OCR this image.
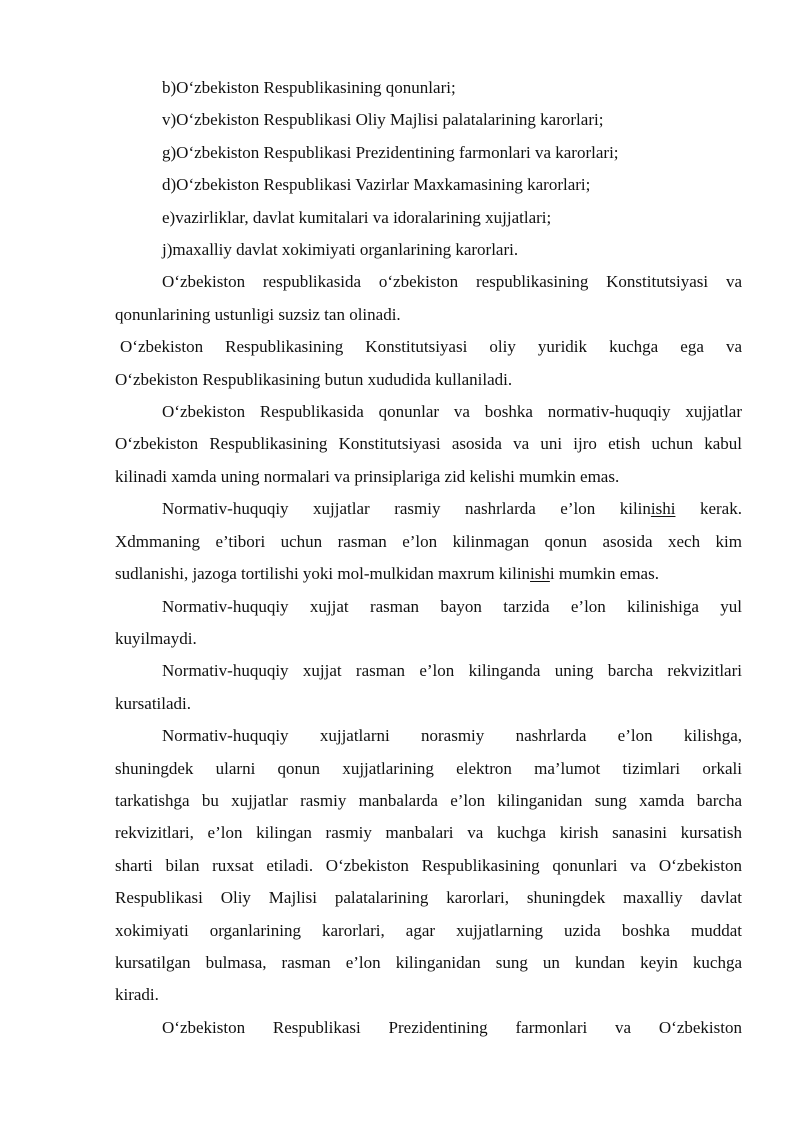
b)O‘zbekiston Respublikasining qonunlari;
v)O‘zbekiston Respublikasi Oliy Majlisi palatalarining karorlari;
g)O‘zbekiston Respublikasi Prezidentining farmonlari va karorlari;
d)O‘zbekiston Respublikasi Vazirlar Maxkamasining karorlari;
e)vazirliklar, davlat kumitalari va idoralarining xujjatlari;
j)maxalliy davlat xokimiyati organlarining karorlari.
O‘zbekiston respublikasida o‘zbekiston respublikasining Konstitutsiyasi va
qonunlarining ustunligi suzsiz tan olinadi.
O‘zbekiston Respublikasining Konstitutsiyasi oliy yuridik kuchga ega va
O‘zbekiston Respublikasining butun xududida kullaniladi.
O‘zbekiston Respublikasida qonunlar va boshka normativ-huquqiy xujjatlar
O‘zbekiston Respublikasining Konstitutsiyasi asosida va uni ijro etish uchun kabul
kilinadi xamda uning normalari va prinsiplariga zid kelishi mumkin emas.
Normativ-huquqiy xujjatlar rasmiy nashrlarda e’lon kilinishi kerak.
Xdmmaning e’tibori uchun rasman e’lon kilinmagan qonun asosida xech kim
sudlanishi, jazoga tortilishi yoki mol-mulkidan maxrum kilinishi mumkin emas.
Normativ-huquqiy xujjat rasman bayon tarzida e’lon kilinishiga yul
kuyilmaydi.
Normativ-huquqiy xujjat rasman e’lon kilinganda uning barcha rekvizitlari
kursatiladi.
Normativ-huquqiy xujjatlarni norasmiy nashrlarda e’lon kilishga,
shuningdek ularni qonun xujjatlarining elektron ma’lumot tizimlari orkali
tarkatishga bu xujjatlar rasmiy manbalarda e’lon kilinganidan sung xamda barcha
rekvizitlari, e’lon kilingan rasmiy manbalari va kuchga kirish sanasini kursatish
sharti bilan ruxsat etiladi. O‘zbekiston Respublikasining qonunlari va O‘zbekiston
Respublikasi Oliy Majlisi palatalarining karorlari, shuningdek maxalliy davlat
xokimiyati organlarining karorlari, agar xujjatlarning uzida boshka muddat
kursatilgan bulmasa, rasman e’lon kilinganidan sung un kundan keyin kuchga
kiradi.
O‘zbekiston Respublikasi Prezidentining farmonlari va O‘zbekiston
